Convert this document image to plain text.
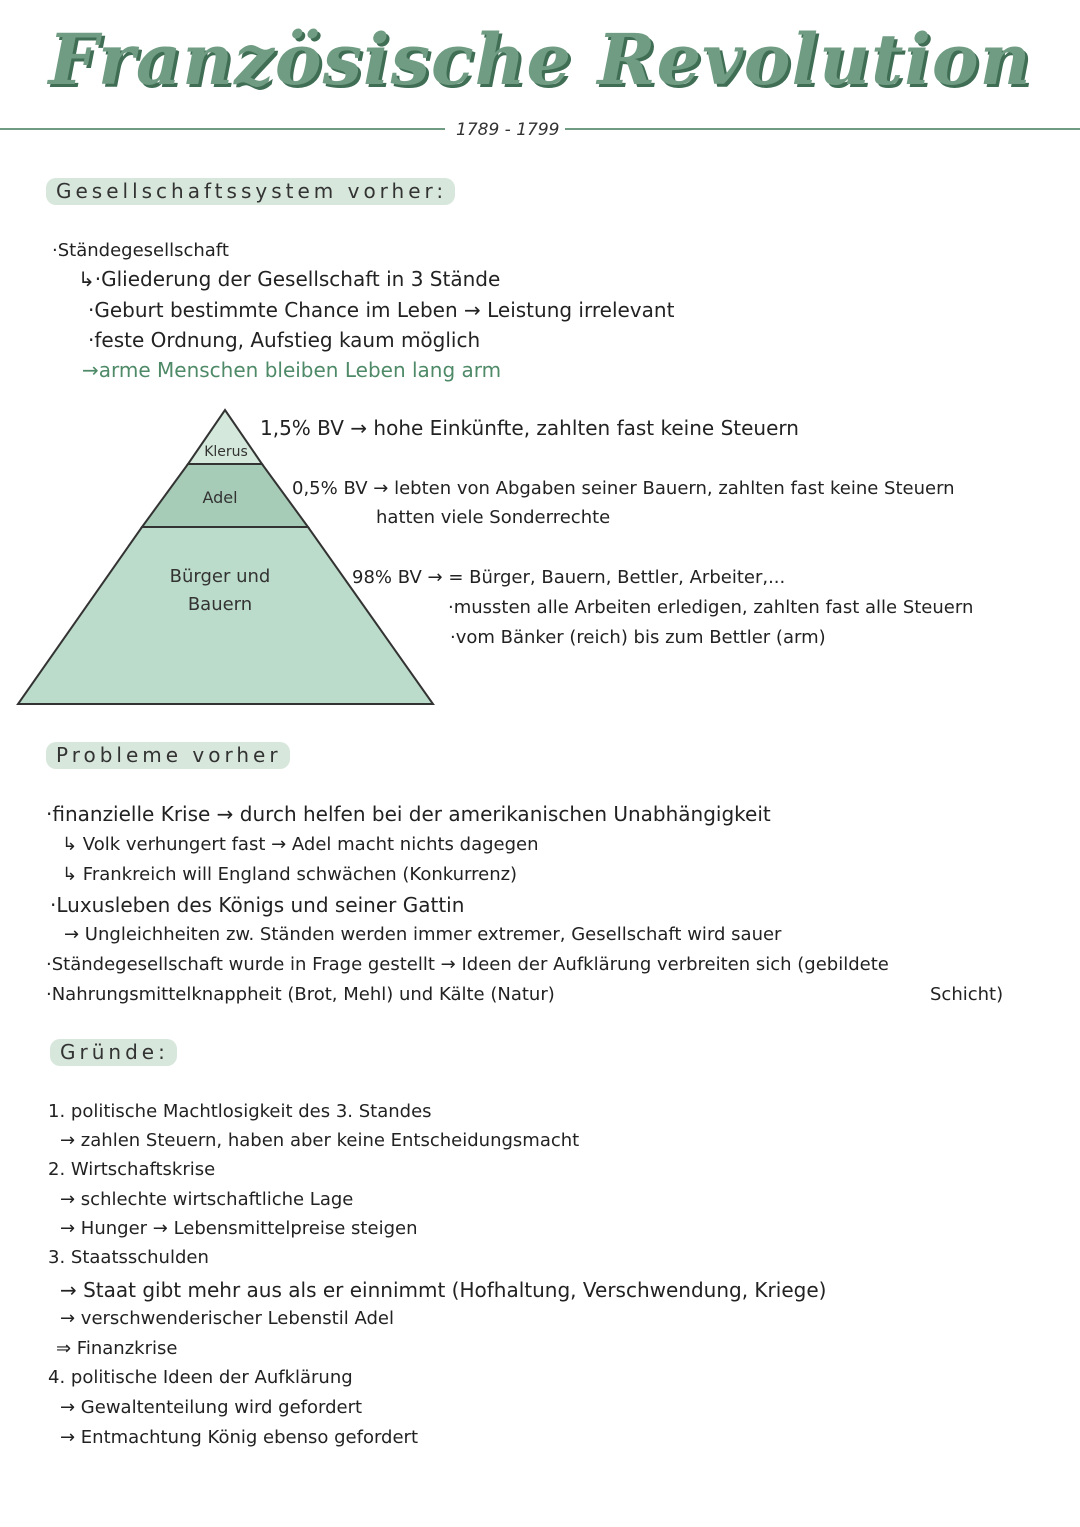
Französische Revolution
1789 - 1799
Gesellschaftssystem vorher:
·Ständegesellschaft
↳·Gliederung der Gesellschaft in 3 Stände
·Geburt bestimmte Chance im Leben → Leistung irrelevant
·feste Ordnung, Aufstieg kaum möglich
→arme Menschen bleiben Leben lang arm
Klerus
Adel
Bürger und
Bauern
1,5% BV → hohe Einkünfte, zahlten fast keine Steuern
0,5% BV → lebten von Abgaben seiner Bauern, zahlten fast keine Steuern
hatten viele Sonderrechte
98% BV → = Bürger, Bauern, Bettler, Arbeiter,...
·mussten alle Arbeiten erledigen, zahlten fast alle Steuern
·vom Bänker (reich) bis zum Bettler (arm)
Probleme vorher
·finanzielle Krise → durch helfen bei der amerikanischen Unabhängigkeit
↳ Volk verhungert fast → Adel macht nichts dagegen
↳ Frankreich will England schwächen (Konkurrenz)
·Luxusleben des Königs und seiner Gattin
→ Ungleichheiten zw. Ständen werden immer extremer, Gesellschaft wird sauer
·Ständegesellschaft wurde in Frage gestellt → Ideen der Aufklärung verbreiten sich (gebildete
Schicht)
·Nahrungsmittelknappheit (Brot, Mehl) und Kälte (Natur)
Gründe:
1. politische Machtlosigkeit des 3. Standes
→ zahlen Steuern, haben aber keine Entscheidungsmacht
2. Wirtschaftskrise
→ schlechte wirtschaftliche Lage
→ Hunger → Lebensmittelpreise steigen
3. Staatsschulden
→ Staat gibt mehr aus als er einnimmt (Hofhaltung, Verschwendung, Kriege)
→ verschwenderischer Lebenstil Adel
⇒ Finanzkrise
4. politische Ideen der Aufklärung
→ Gewaltenteilung wird gefordert
→ Entmachtung König ebenso gefordert
